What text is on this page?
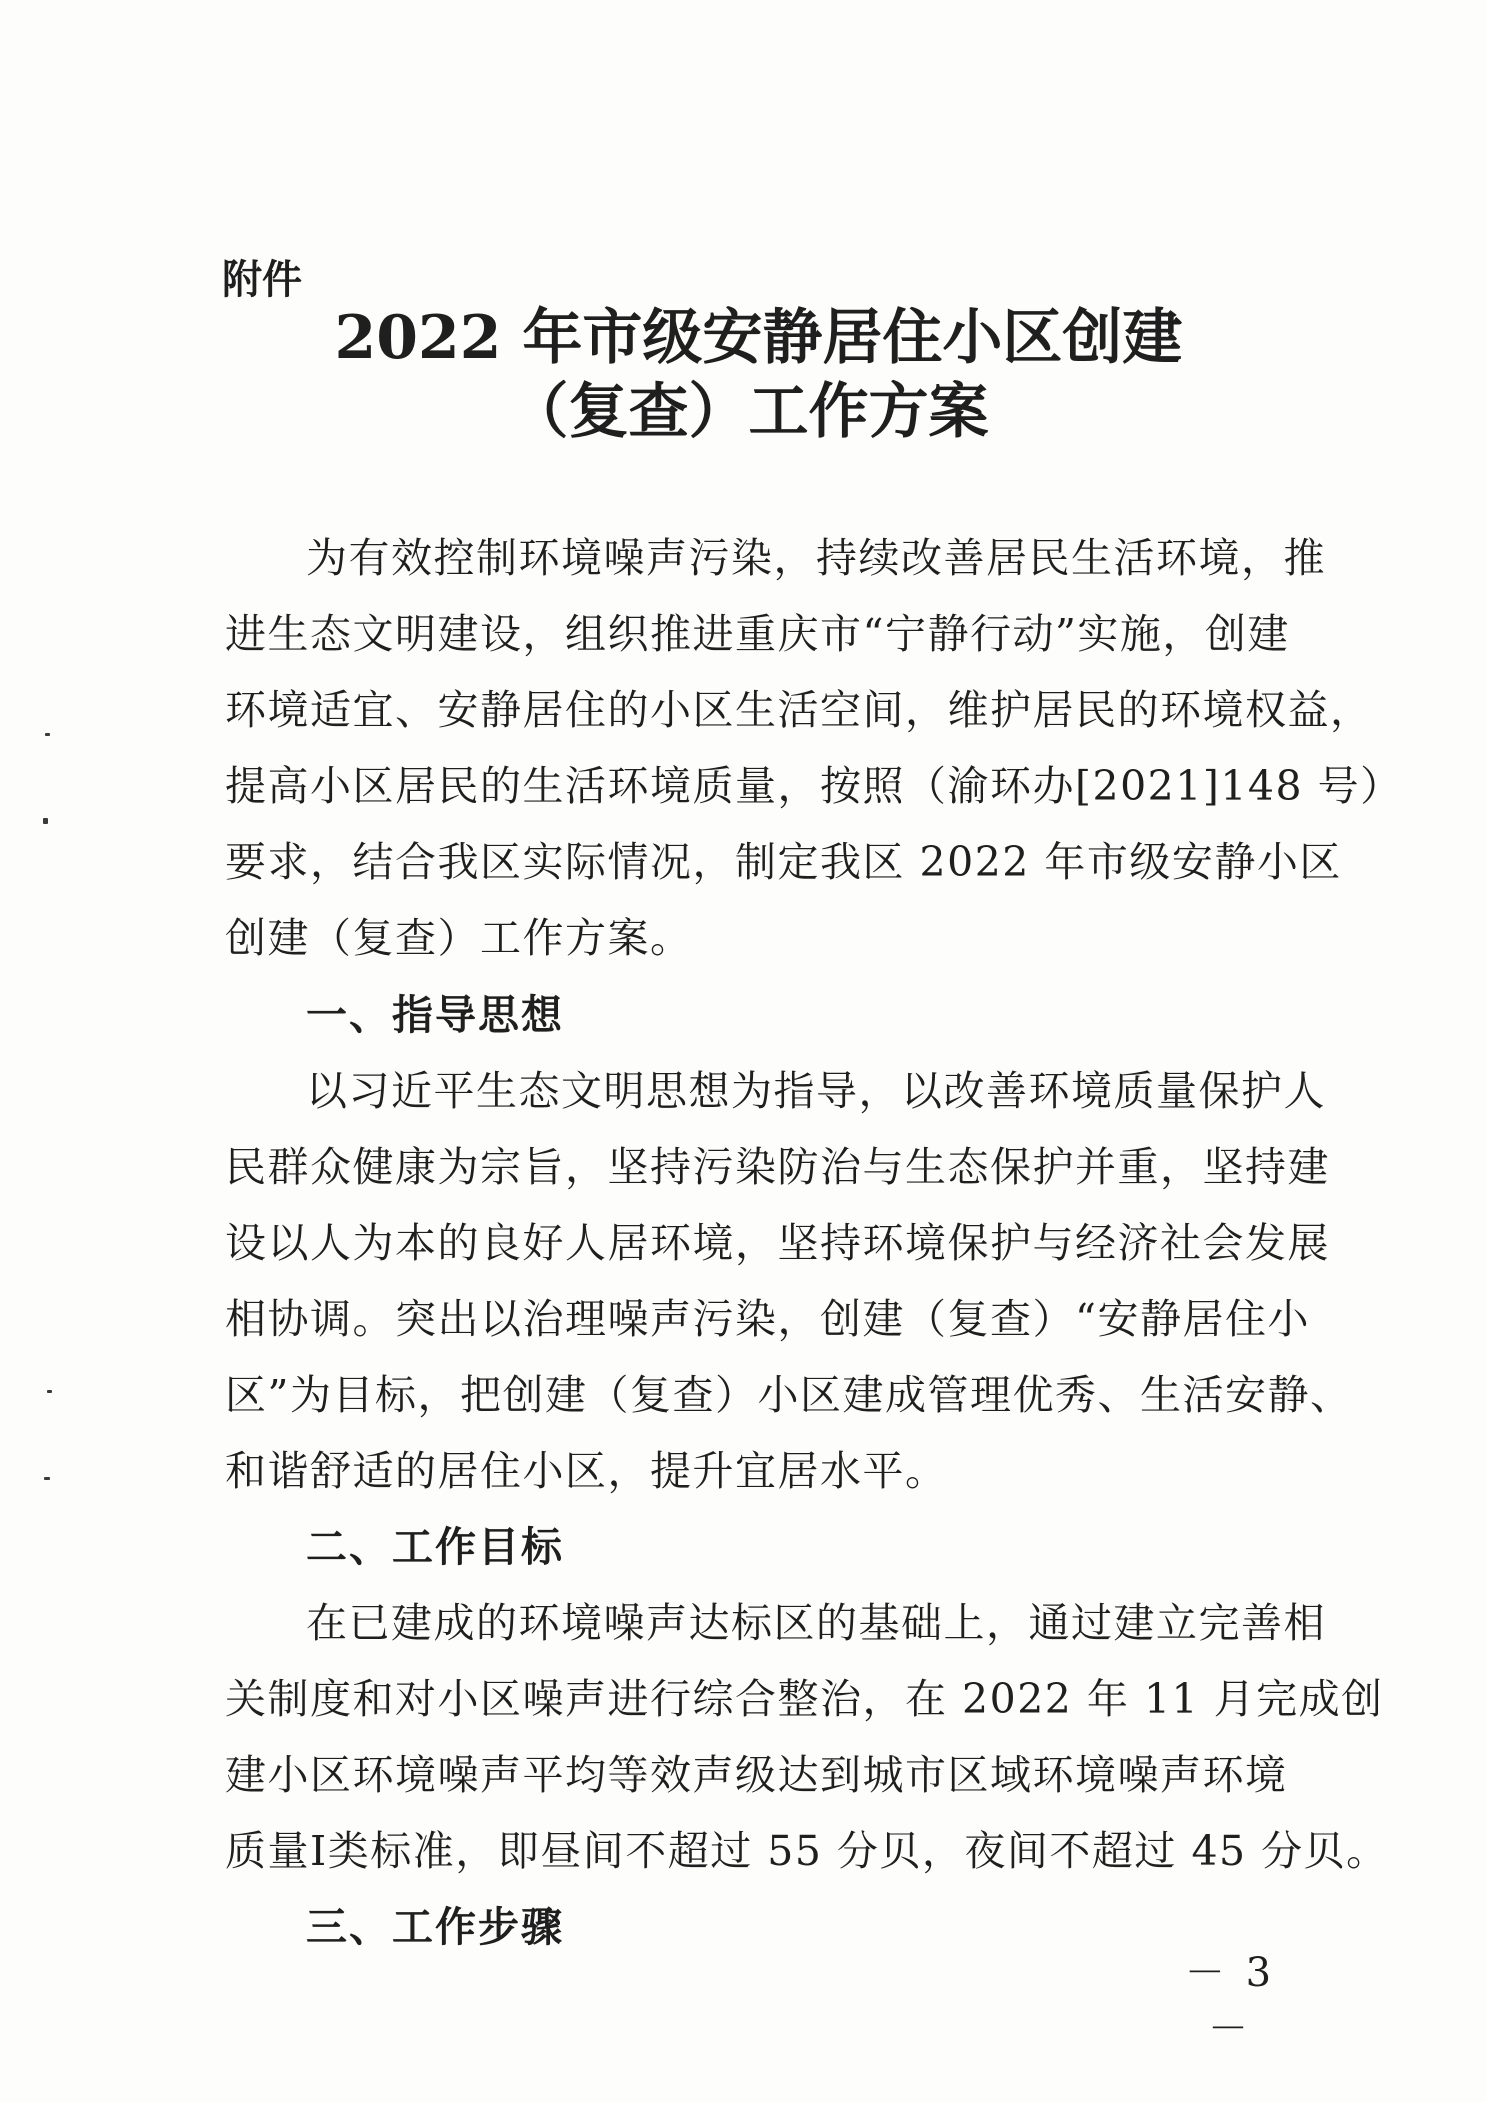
附件
2022 年市级安静居住小区创建
（复查）工作方案
为有效控制环境噪声污染，持续改善居民生活环境，推
进生态文明建设，组织推进重庆市“宁静行动”实施，创建
环境适宜、安静居住的小区生活空间，维护居民的环境权益，
提高小区居民的生活环境质量，按照（渝环办[2021]148 号）
要求，结合我区实际情况，制定我区 2022 年市级安静小区
创建（复查）工作方案。
一、指导思想
以习近平生态文明思想为指导，以改善环境质量保护人
民群众健康为宗旨，坚持污染防治与生态保护并重，坚持建
设以人为本的良好人居环境，坚持环境保护与经济社会发展
相协调。突出以治理噪声污染，创建（复查）“安静居住小
区”为目标，把创建（复查）小区建成管理优秀、生活安静、
和谐舒适的居住小区，提升宜居水平。
二、工作目标
在已建成的环境噪声达标区的基础上，通过建立完善相
关制度和对小区噪声进行综合整治，在 2022 年 11 月完成创
建小区环境噪声平均等效声级达到城市区域环境噪声环境
质量Ⅰ类标准，即昼间不超过 55 分贝，夜间不超过 45 分贝。
三、工作步骤
－ 3 －
